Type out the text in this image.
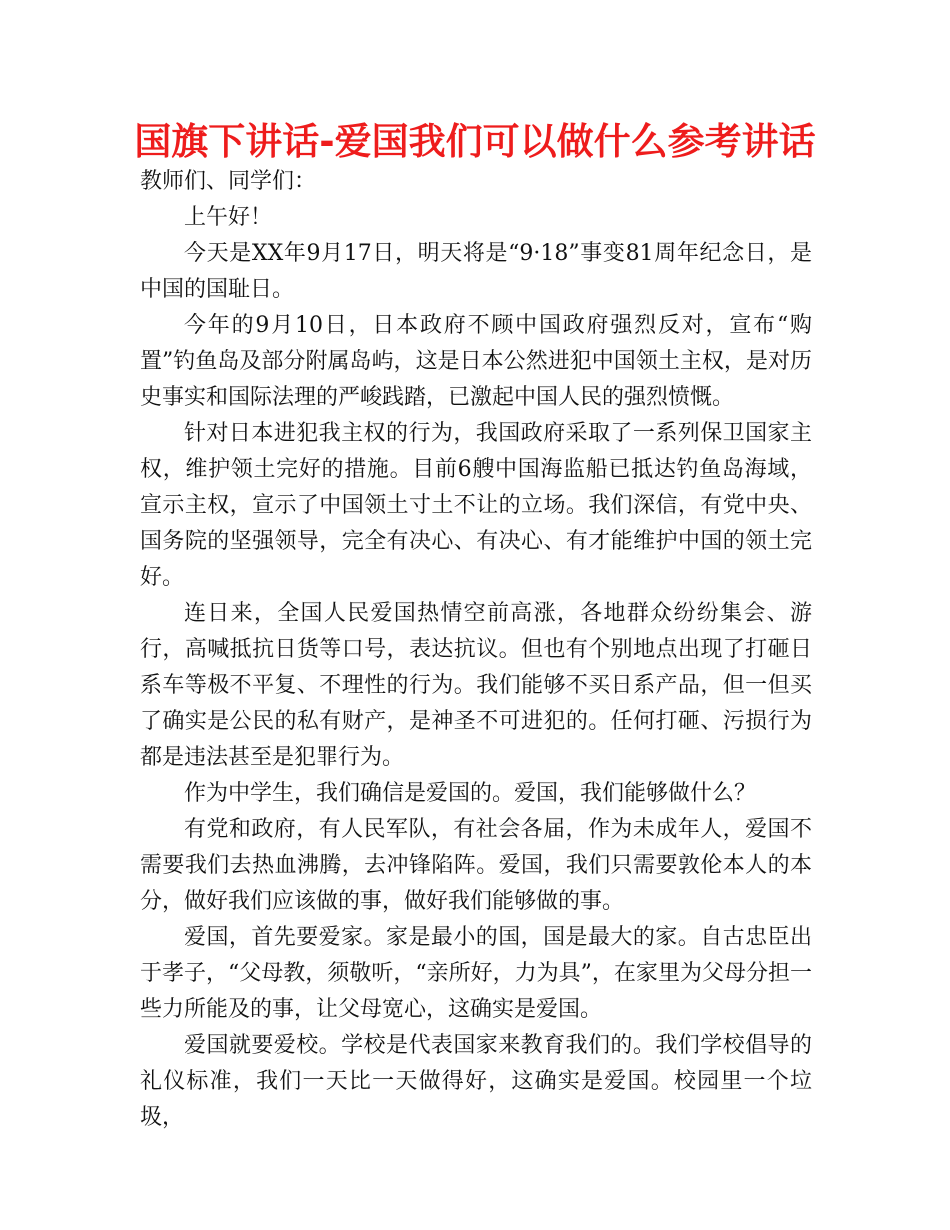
国旗下讲话-爱国我们可以做什么参考讲话

教师们、同学们：

上午好！

今天是XX年9月17日，明天将是“9·18”事变81周年纪念日，是中国的国耻日。

今年的9月10日，日本政府不顾中国政府强烈反对，宣布“购置”钓鱼岛及部分附属岛屿，这是日本公然进犯中国领土主权，是对历史事实和国际法理的严峻践踏，已激起中国人民的强烈愤慨。

针对日本进犯我主权的行为，我国政府采取了一系列保卫国家主权，维护领土完好的措施。目前6艘中国海监船已抵达钓鱼岛海域，宣示主权，宣示了中国领土寸土不让的立场。我们深信，有党中央、国务院的坚强领导，完全有决心、有决心、有才能维护中国的领土完好。

连日来，全国人民爱国热情空前高涨，各地群众纷纷集会、游行，高喊抵抗日货等口号，表达抗议。但也有个别地点出现了打砸日系车等极不平复、不理性的行为。我们能够不买日系产品，但一但买了确实是公民的私有财产，是神圣不可进犯的。任何打砸、污损行为都是违法甚至是犯罪行为。

作为中学生，我们确信是爱国的。爱国，我们能够做什么？

有党和政府，有人民军队，有社会各届，作为未成年人，爱国不需要我们去热血沸腾，去冲锋陷阵。爱国，我们只需要敦伦本人的本分，做好我们应该做的事，做好我们能够做的事。

爱国，首先要爱家。家是最小的国，国是最大的家。自古忠臣出于孝子，“父母教，须敬听，“亲所好，力为具”，在家里为父母分担一些力所能及的事，让父母宽心，这确实是爱国。

爱国就要爱校。学校是代表国家来教育我们的。我们学校倡导的礼仪标准，我们一天比一天做得好，这确实是爱国。校园里一个垃圾，
